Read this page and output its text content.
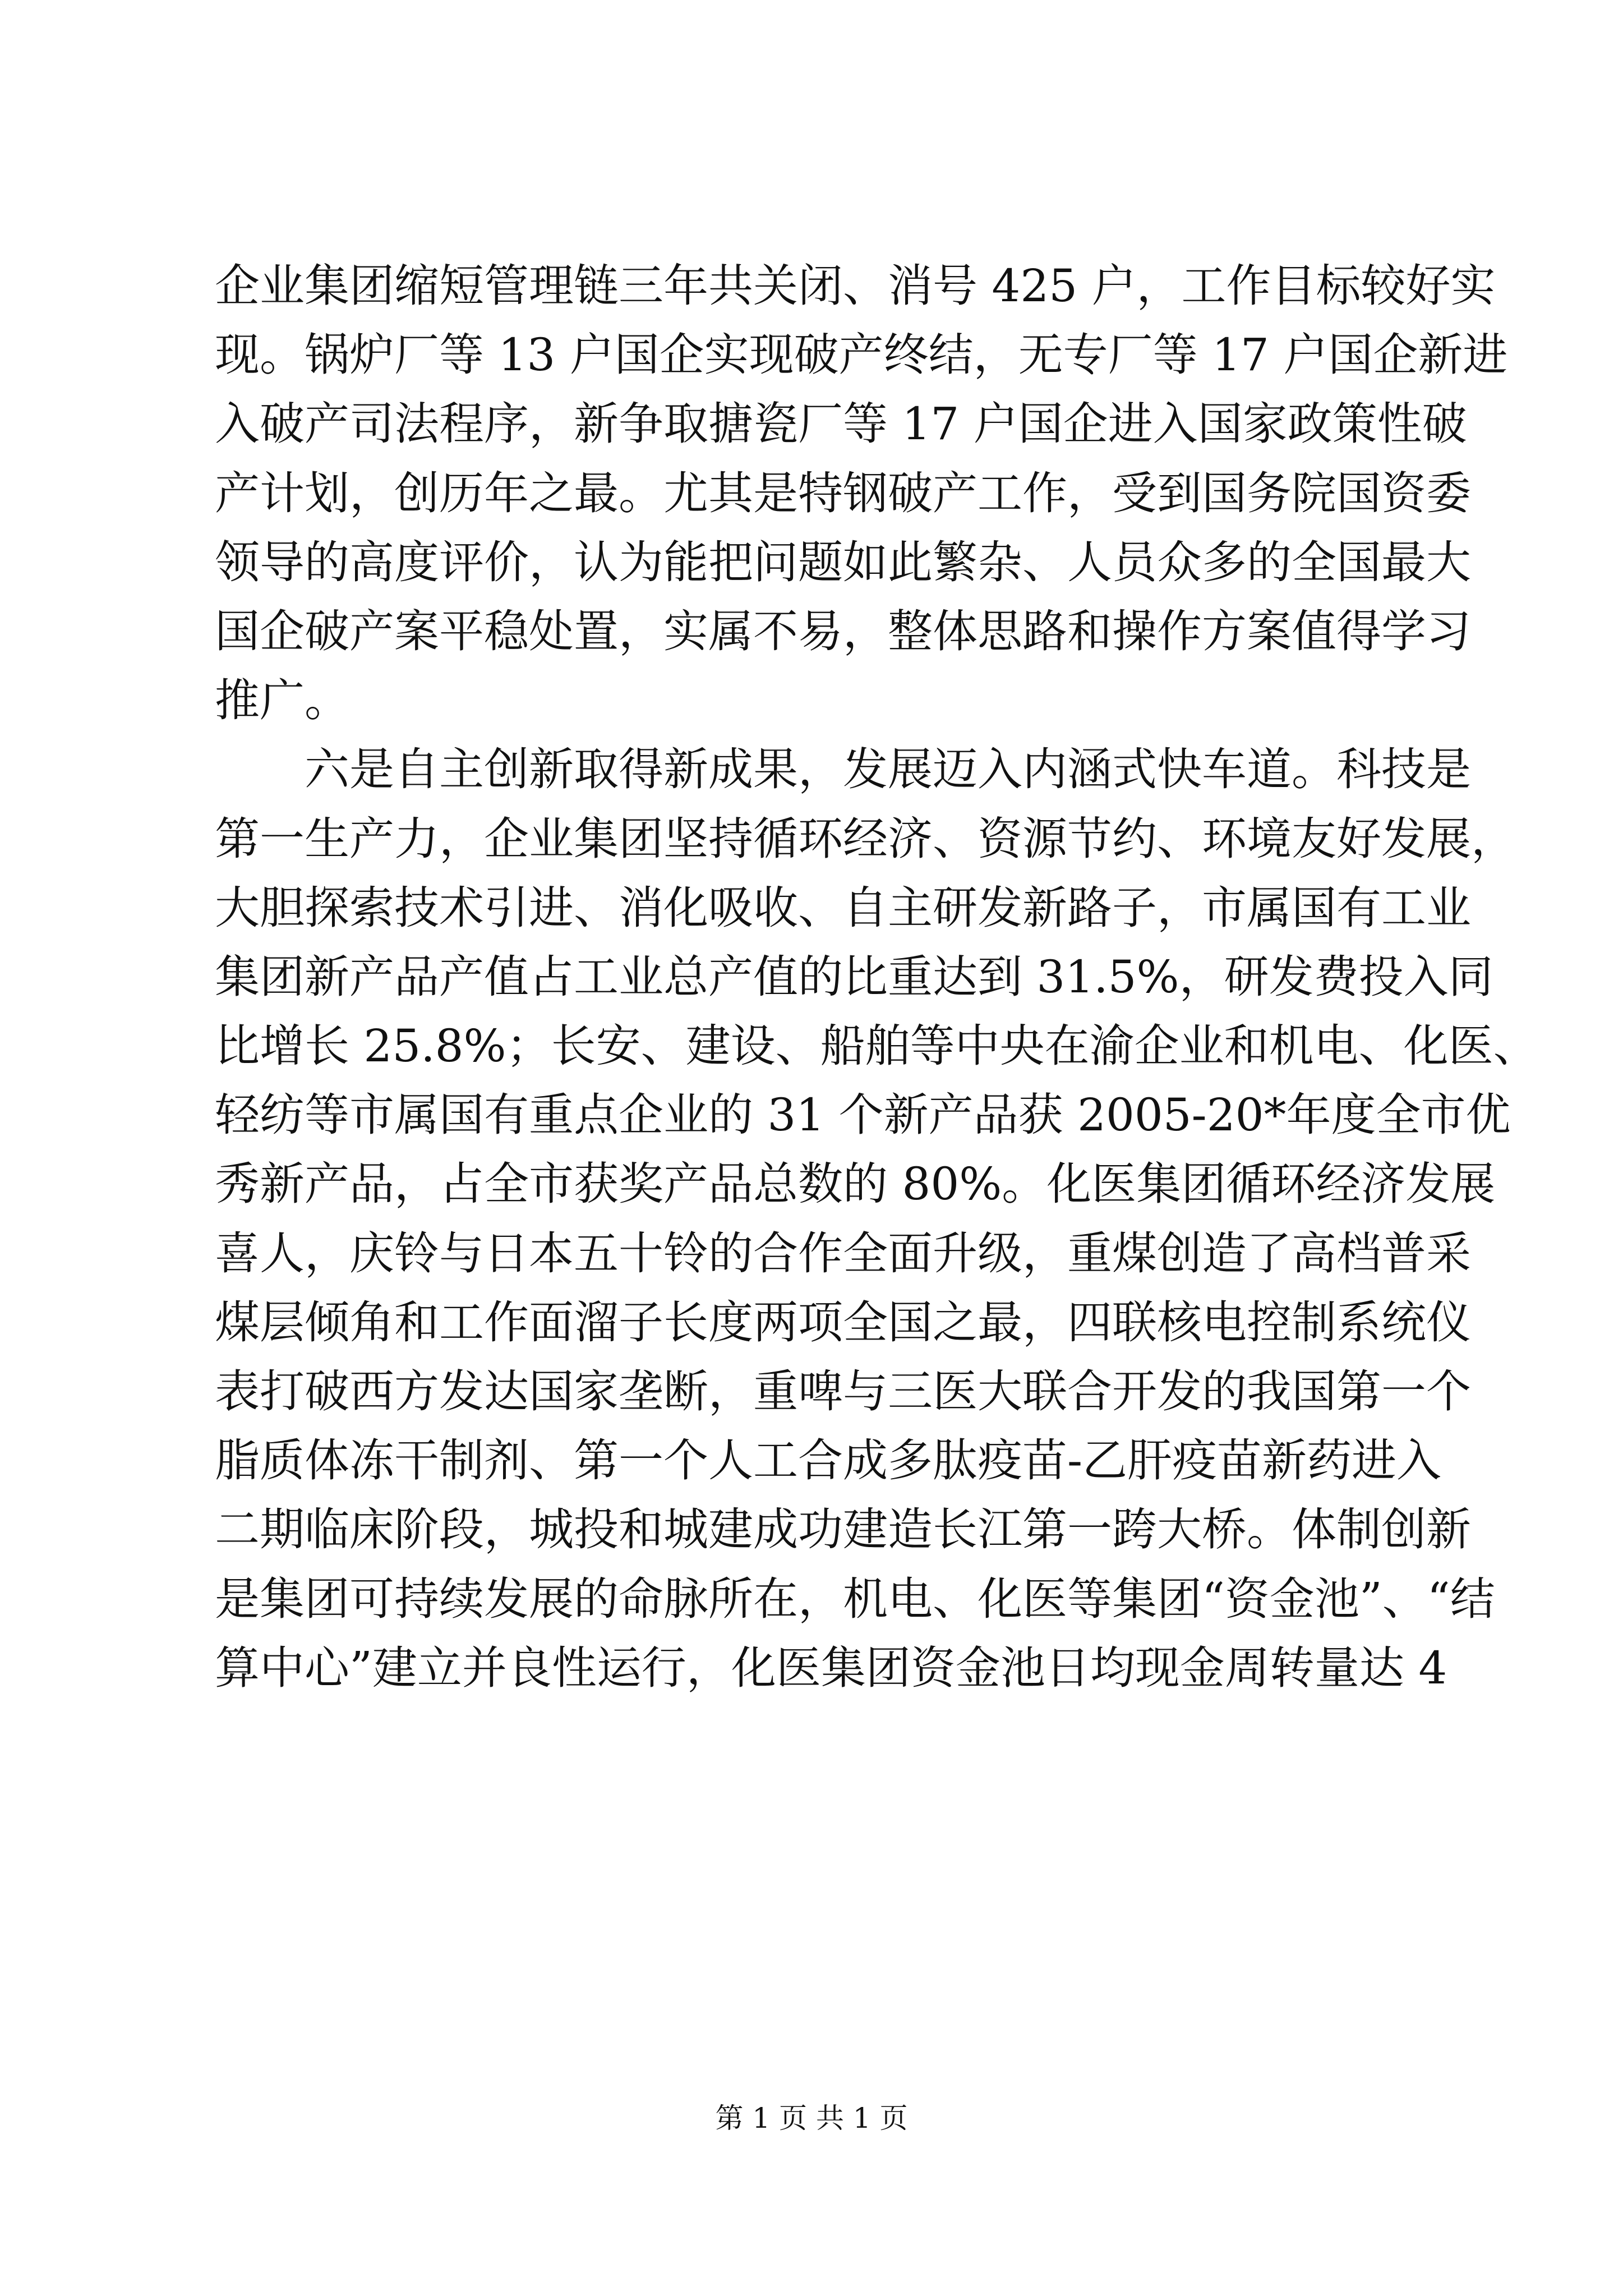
企业集团缩短管理链三年共关闭、消号 425 户，工作目标较好实
现。锅炉厂等 13 户国企实现破产终结，无专厂等 17 户国企新进
入破产司法程序，新争取搪瓷厂等 17 户国企进入国家政策性破
产计划，创历年之最。尤其是特钢破产工作，受到国务院国资委
领导的高度评价，认为能把问题如此繁杂、人员众多的全国最大
国企破产案平稳处置，实属不易，整体思路和操作方案值得学习
推广。
六是自主创新取得新成果，发展迈入内涵式快车道。科技是
第一生产力，企业集团坚持循环经济、资源节约、环境友好发展，
大胆探索技术引进、消化吸收、自主研发新路子，市属国有工业
集团新产品产值占工业总产值的比重达到 31.5%，研发费投入同
比增长 25.8%；长安、建设、船舶等中央在渝企业和机电、化医、
轻纺等市属国有重点企业的 31 个新产品获 2005-20*年度全市优
秀新产品，占全市获奖产品总数的 80%。化医集团循环经济发展
喜人，庆铃与日本五十铃的合作全面升级，重煤创造了高档普采
煤层倾角和工作面溜子长度两项全国之最，四联核电控制系统仪
表打破西方发达国家垄断，重啤与三医大联合开发的我国第一个
脂质体冻干制剂、第一个人工合成多肽疫苗-乙肝疫苗新药进入
二期临床阶段，城投和城建成功建造长江第一跨大桥。体制创新
是集团可持续发展的命脉所在，机电、化医等集团“资金池”、“结
算中心”建立并良性运行，化医集团资金池日均现金周转量达 4
第 1 页 共 1 页
